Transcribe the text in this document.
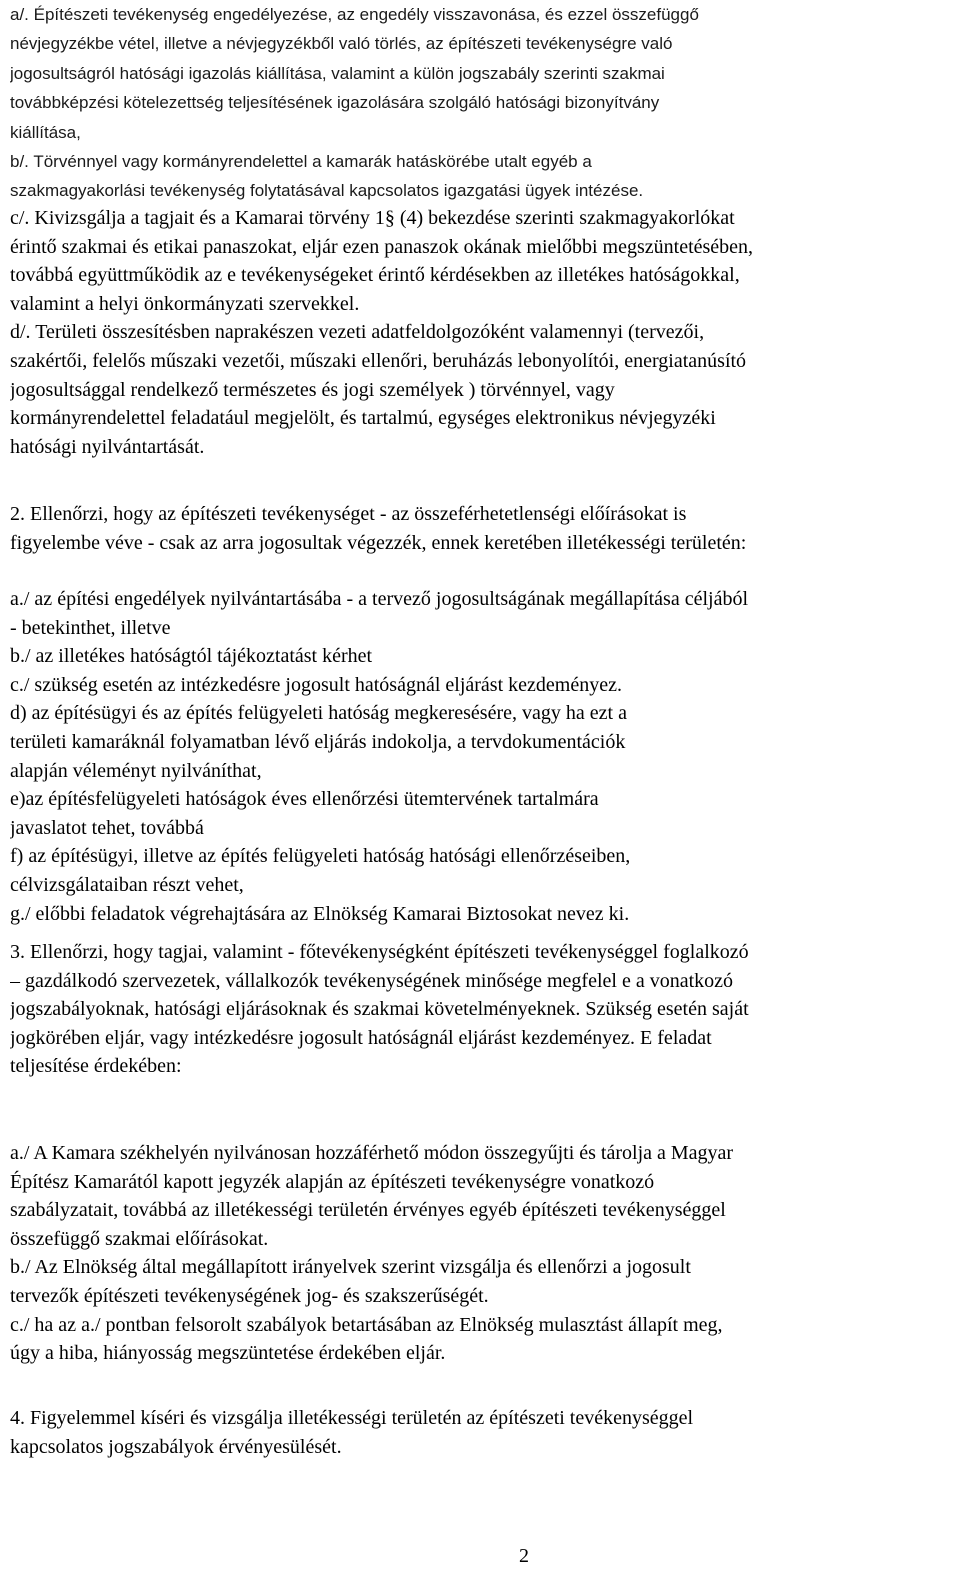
a/. Építészeti tevékenység engedélyezése, az engedély visszavonása, és ezzel összefüggő
névjegyzékbe vétel, illetve a névjegyzékből való törlés, az építészeti tevékenységre való
jogosultságról hatósági igazolás kiállítása, valamint a külön jogszabály szerinti szakmai
továbbképzési kötelezettség teljesítésének igazolására szolgáló hatósági bizonyítvány
kiállítása,
b/. Törvénnyel vagy kormányrendelettel a kamarák hatáskörébe utalt egyéb a
szakmagyakorlási tevékenység folytatásával kapcsolatos igazgatási ügyek intézése.
c/. Kivizsgálja a tagjait és a Kamarai törvény 1§ (4) bekezdése szerinti szakmagyakorlókat
érintő szakmai és etikai panaszokat, eljár ezen panaszok okának mielőbbi megszüntetésében,
továbbá együttműködik az e tevékenységeket érintő kérdésekben az illetékes hatóságokkal,
valamint a helyi önkormányzati szervekkel.
d/. Területi összesítésben naprakészen vezeti adatfeldolgozóként valamennyi (tervezői,
szakértői, felelős műszaki vezetői, műszaki ellenőri, beruházás lebonyolítói, energiatanúsító
jogosultsággal rendelkező természetes és jogi személyek ) törvénnyel, vagy
kormányrendelettel feladatául megjelölt, és tartalmú, egységes elektronikus névjegyzéki
hatósági nyilvántartását.
2. Ellenőrzi, hogy az építészeti tevékenységet - az összeférhetetlenségi előírásokat is
figyelembe véve - csak az arra jogosultak végezzék, ennek keretében illetékességi területén:
a./ az építési engedélyek nyilvántartásába - a tervező jogosultságának megállapítása céljából
- betekinthet, illetve
b./ az illetékes hatóságtól tájékoztatást kérhet
c./ szükség esetén az intézkedésre jogosult hatóságnál eljárást kezdeményez.
d) az építésügyi és az építés felügyeleti hatóság megkeresésére, vagy ha ezt a
területi kamaráknál folyamatban lévő eljárás indokolja, a tervdokumentációk
alapján véleményt nyilváníthat,
e)az építésfelügyeleti hatóságok éves ellenőrzési ütemtervének tartalmára
javaslatot tehet, továbbá
f) az építésügyi, illetve az építés felügyeleti hatóság hatósági ellenőrzéseiben,
célvizsgálataiban részt vehet,
g./ előbbi feladatok végrehajtására az Elnökség Kamarai Biztosokat nevez ki.
3. Ellenőrzi, hogy tagjai, valamint - főtevékenységként építészeti tevékenységgel foglalkozó
– gazdálkodó szervezetek, vállalkozók tevékenységének minősége megfelel e a vonatkozó
jogszabályoknak, hatósági eljárásoknak és szakmai követelményeknek. Szükség esetén saját
jogkörében eljár, vagy intézkedésre jogosult hatóságnál eljárást kezdeményez. E feladat
teljesítése érdekében:
a./ A Kamara székhelyén nyilvánosan hozzáférhető módon összegyűjti és tárolja a Magyar
Építész Kamarától kapott jegyzék alapján az építészeti tevékenységre vonatkozó
szabályzatait, továbbá az illetékességi területén érvényes egyéb építészeti tevékenységgel
összefüggő szakmai előírásokat.
b./ Az Elnökség által megállapított irányelvek szerint vizsgálja és ellenőrzi a jogosult
tervezők építészeti tevékenységének jog- és szakszerűségét.
c./ ha az a./ pontban felsorolt szabályok betartásában az Elnökség mulasztást állapít meg,
úgy a hiba, hiányosság megszüntetése érdekében eljár.
4. Figyelemmel kíséri és vizsgálja illetékességi területén az építészeti tevékenységgel
kapcsolatos jogszabályok érvényesülését.
2
